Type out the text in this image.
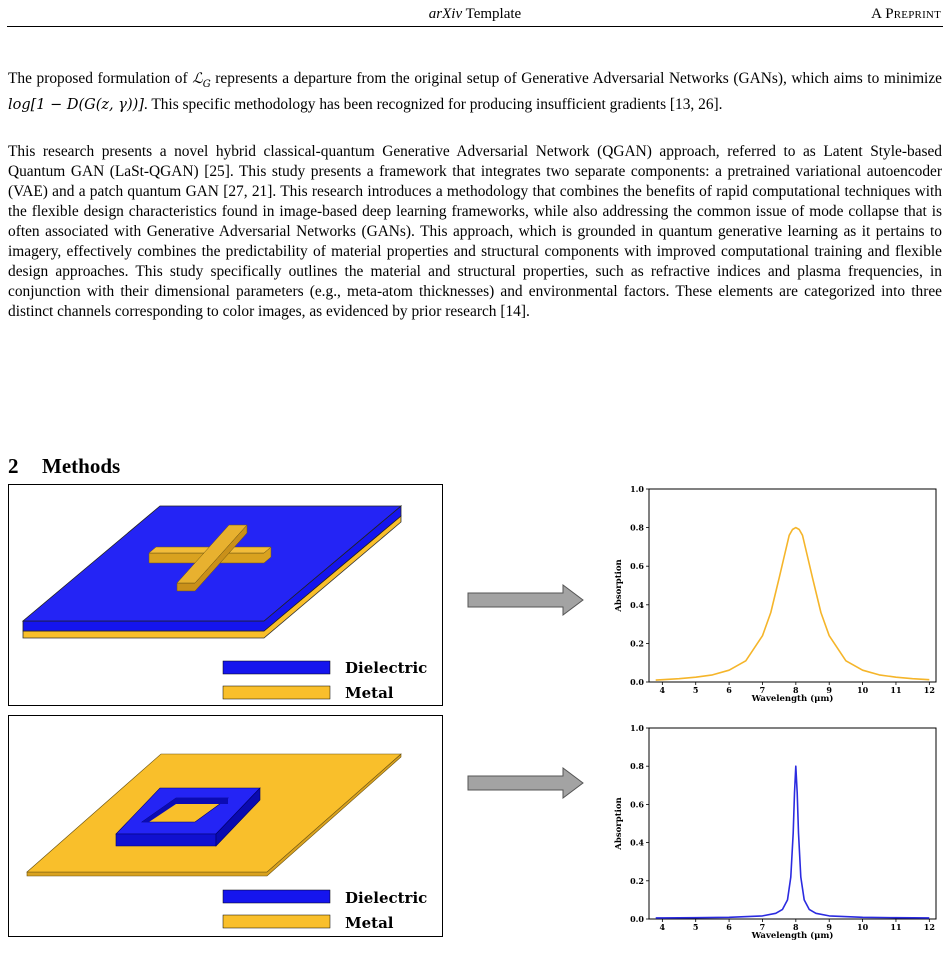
arXiv Template	A Preprint

The proposed formulation of ℒ$_G$ represents a departure from the original setup of Generative Adversarial Networks (GANs), which aims to minimize log[1 − D(G(z, γ))]. This specific methodology has been recognized for producing insufficient gradients [13, 26].

This research presents a novel hybrid classical-quantum Generative Adversarial Network (QGAN) approach, referred to as Latent Style-based Quantum GAN (LaSt-QGAN) [25]. This study presents a framework that integrates two separate components: a pretrained variational autoencoder (VAE) and a patch quantum GAN [27, 21]. This research introduces a methodology that combines the benefits of rapid computational techniques with the flexible design characteristics found in image-based deep learning frameworks, while also addressing the common issue of mode collapse that is often associated with Generative Adversarial Networks (GANs). This approach, which is grounded in quantum generative learning as it pertains to imagery, effectively combines the predictability of material properties and structural components with improved computational training and flexible design approaches. This study specifically outlines the material and structural properties, such as refractive indices and plasma frequencies, in conjunction with their dimensional parameters (e.g., meta-atom thicknesses) and environmental factors. These elements are categorized into three distinct channels corresponding to color images, as evidenced by prior research [14].

2 Methods
Dielectric
Metal
Dielectric
Metal
4	5	6	7	8	9	10	11	12
0.0
0.2
0.4
0.6
0.8
1.0
Wavelength (μm)
Absorption
4	5	6	7	8	9	10	11	12
0.0
0.2
0.4
0.6
0.8
1.0
Wavelength (μm)
Absorption
